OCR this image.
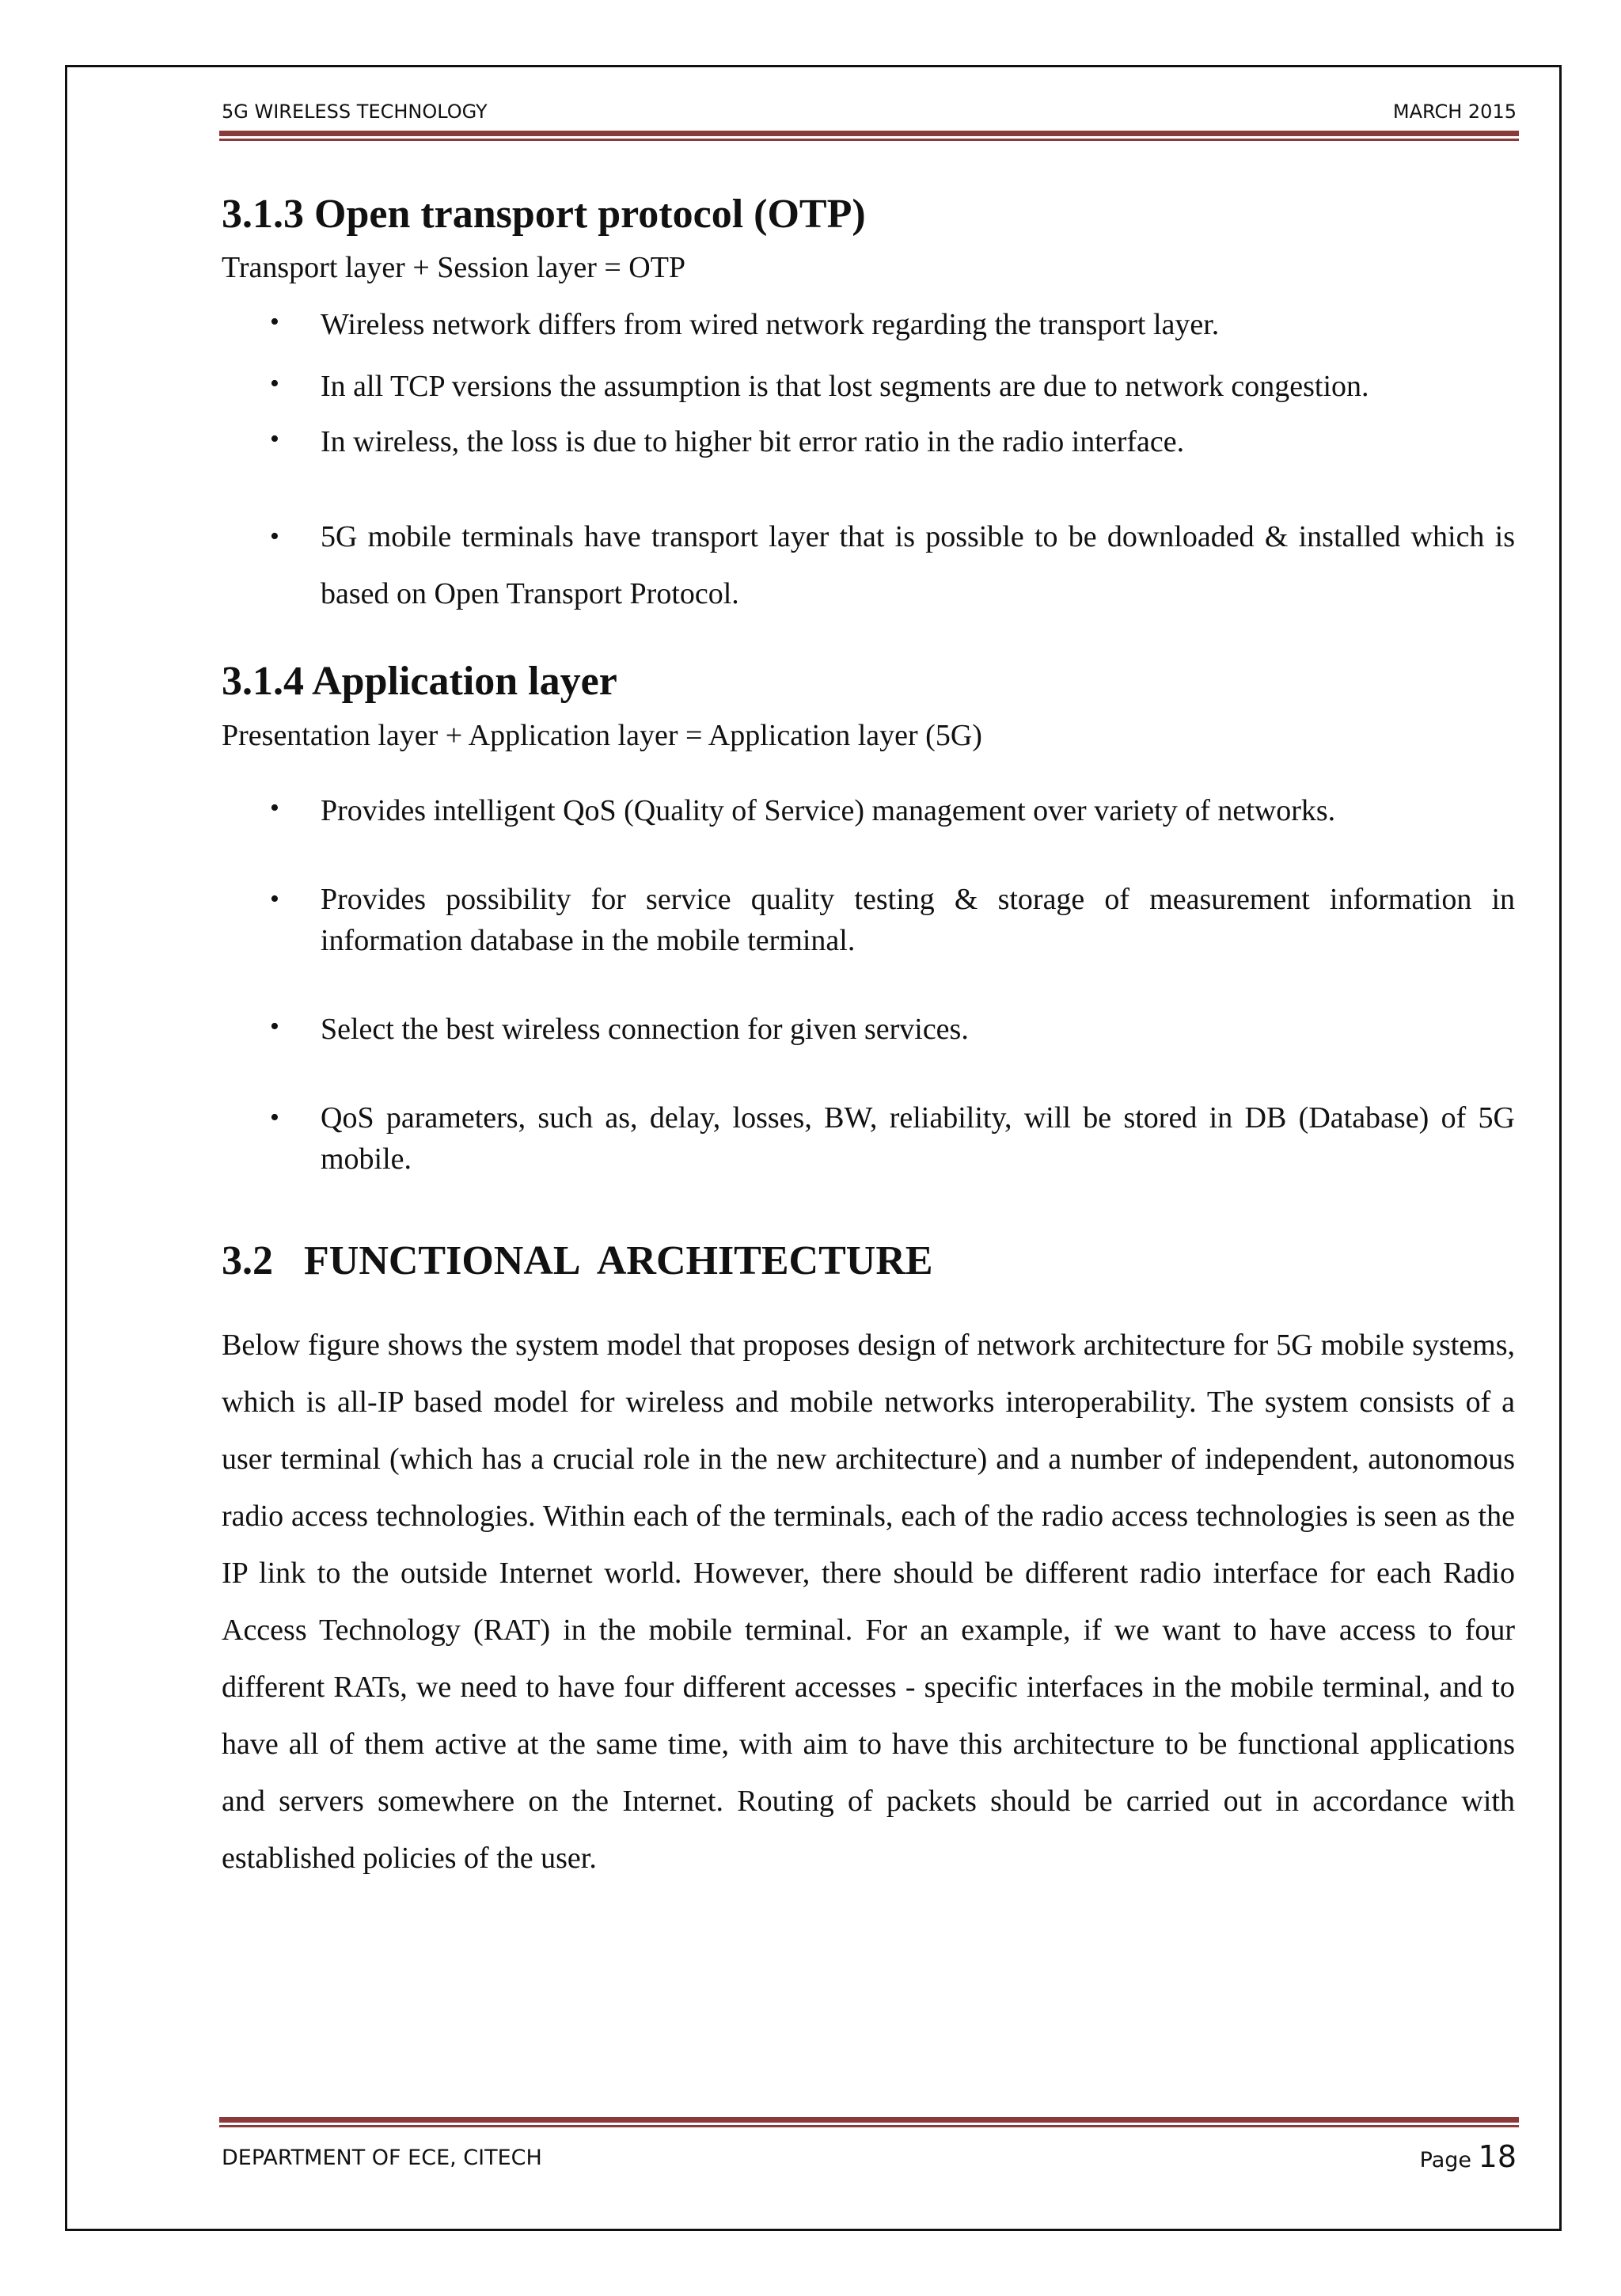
5G WIRELESS TECHNOLOGY	MARCH 2015
3.1.3 Open transport protocol (OTP)

Transport layer + Session layer = OTP

• Wireless network differs from wired network regarding the transport layer.
• In all TCP versions the assumption is that lost segments are due to network congestion.
• In wireless, the loss is due to higher bit error ratio in the radio interface.
• 5G mobile terminals have transport layer that is possible to be downloaded & installed which is based on Open Transport Protocol.
3.1.4 Application layer

Presentation layer + Application layer = Application layer (5G)

• Provides intelligent QoS (Quality of Service) management over variety of networks.
• Provides possibility for service quality testing & storage of measurement information in information database in the mobile terminal.
• Select the best wireless connection for given services.
• QoS parameters, such as, delay, losses, BW, reliability, will be stored in DB (Database) of 5G mobile.
3.2   FUNCTIONAL  ARCHITECTURE

Below figure shows the system model that proposes design of network architecture for 5G mobile systems, which is all-IP based model for wireless and mobile networks interoperability. The system consists of a user terminal (which has a crucial role in the new architecture) and a number of independent, autonomous radio access technologies. Within each of the terminals, each of the radio access technologies is seen as the IP link to the outside Internet world. However, there should be different radio interface for each Radio Access Technology (RAT) in the mobile terminal. For an example, if we want to have access to four different RATs, we need to have four different accesses - specific interfaces in the mobile terminal, and to have all of them active at the same time, with aim to have this architecture to be functional applications and servers somewhere on the Internet. Routing of packets should be carried out in accordance with established policies of the user.

DEPARTMENT OF ECE, CITECH	Page 18
